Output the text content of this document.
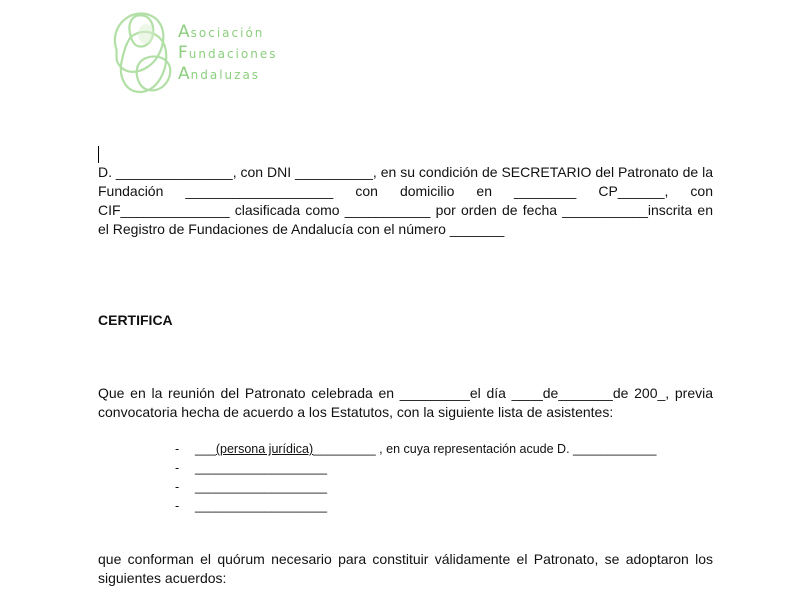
Asociación
Fundaciones
Andaluzas
D. _______________, con DNI __________, en su condición de SECRETARIO del Patronato de la Fundación ___________________ con domicilio en ________ CP______, con CIF______________ clasificada como ___________ por orden de fecha ___________inscrita en el Registro de Fundaciones de Andalucía con el número _______
CERTIFICA
Que en la reunión del Patronato celebrada en _________el día ____de_______de 200_, previa convocatoria hecha de acuerdo a los Estatutos, con la siguiente lista de asistentes:
- ___(persona jurídica)_________ , en cuya representación acude D. ____________
- ___________________
- ___________________
- ___________________
que conforman el quórum necesario para constituir válidamente el Patronato, se adoptaron los siguientes acuerdos:
